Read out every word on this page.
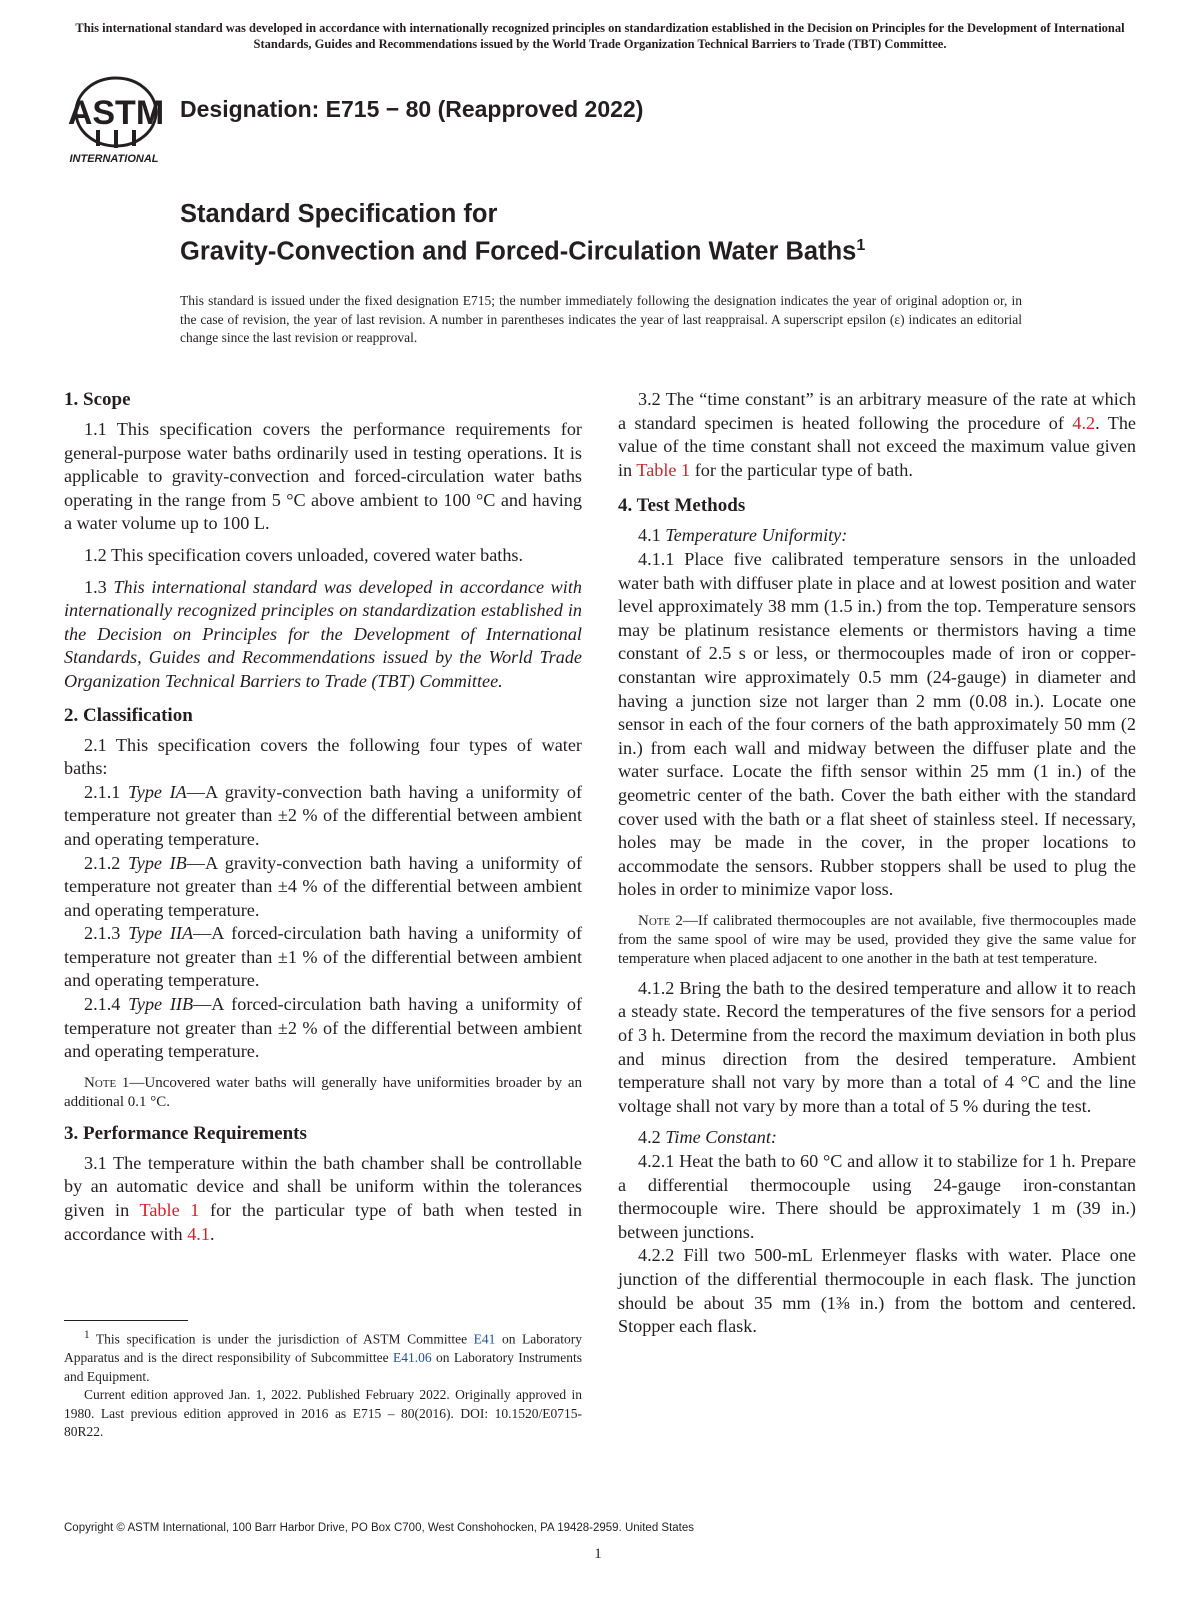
This international standard was developed in accordance with internationally recognized principles on standardization established in the Decision on Principles for the Development of International Standards, Guides and Recommendations issued by the World Trade Organization Technical Barriers to Trade (TBT) Committee.
ASTM
INTERNATIONAL
Designation: E715 − 80 (Reapproved 2022)
Standard Specification for
Gravity-Convection and Forced-Circulation Water Baths$^1$
This standard is issued under the fixed designation E715; the number immediately following the designation indicates the year of original adoption or, in the case of revision, the year of last revision. A number in parentheses indicates the year of last reappraisal. A superscript epsilon (ε) indicates an editorial change since the last revision or reapproval.
1. Scope

1.1 This specification covers the performance requirements for general-purpose water baths ordinarily used in testing operations. It is applicable to gravity-convection and forced-circulation water baths operating in the range from 5 °C above ambient to 100 °C and having a water volume up to 100 L.

1.2 This specification covers unloaded, covered water baths.

1.3 This international standard was developed in accordance with internationally recognized principles on standardization established in the Decision on Principles for the Development of International Standards, Guides and Recommendations issued by the World Trade Organization Technical Barriers to Trade (TBT) Committee.

2. Classification

2.1 This specification covers the following four types of water baths:

2.1.1 Type IA—A gravity-convection bath having a uniformity of temperature not greater than ±2 % of the differential between ambient and operating temperature.

2.1.2 Type IB—A gravity-convection bath having a uniformity of temperature not greater than ±4 % of the differential between ambient and operating temperature.

2.1.3 Type IIA—A forced-circulation bath having a uniformity of temperature not greater than ±1 % of the differential between ambient and operating temperature.

2.1.4 Type IIB—A forced-circulation bath having a uniformity of temperature not greater than ±2 % of the differential between ambient and operating temperature.

Note 1—Uncovered water baths will generally have uniformities broader by an additional 0.1 °C.

3. Performance Requirements

3.1 The temperature within the bath chamber shall be controllable by an automatic device and shall be uniform within the tolerances given in Table 1 for the particular type of bath when tested in accordance with 4.1.

3.2 The “time constant” is an arbitrary measure of the rate at which a standard specimen is heated following the procedure of 4.2. The value of the time constant shall not exceed the maximum value given in Table 1 for the particular type of bath.

4. Test Methods

4.1 Temperature Uniformity:

4.1.1 Place five calibrated temperature sensors in the unloaded water bath with diffuser plate in place and at lowest position and water level approximately 38 mm (1.5 in.) from the top. Temperature sensors may be platinum resistance elements or thermistors having a time constant of 2.5 s or less, or thermocouples made of iron or copper-constantan wire approximately 0.5 mm (24-gauge) in diameter and having a junction size not larger than 2 mm (0.08 in.). Locate one sensor in each of the four corners of the bath approximately 50 mm (2 in.) from each wall and midway between the diffuser plate and the water surface. Locate the fifth sensor within 25 mm (1 in.) of the geometric center of the bath. Cover the bath either with the standard cover used with the bath or a flat sheet of stainless steel. If necessary, holes may be made in the cover, in the proper locations to accommodate the sensors. Rubber stoppers shall be used to plug the holes in order to minimize vapor loss.

Note 2—If calibrated thermocouples are not available, five thermocouples made from the same spool of wire may be used, provided they give the same value for temperature when placed adjacent to one another in the bath at test temperature.

4.1.2 Bring the bath to the desired temperature and allow it to reach a steady state. Record the temperatures of the five sensors for a period of 3 h. Determine from the record the maximum deviation in both plus and minus direction from the desired temperature. Ambient temperature shall not vary by more than a total of 4 °C and the line voltage shall not vary by more than a total of 5 % during the test.

4.2 Time Constant:

4.2.1 Heat the bath to 60 °C and allow it to stabilize for 1 h. Prepare a differential thermocouple using 24-gauge iron-constantan thermocouple wire. There should be approximately 1 m (39 in.) between junctions.

4.2.2 Fill two 500-mL Erlenmeyer flasks with water. Place one junction of the differential thermocouple in each flask. The junction should be about 35 mm (1⅜ in.) from the bottom and centered. Stopper each flask.

$^1$ This specification is under the jurisdiction of ASTM Committee E41 on Laboratory Apparatus and is the direct responsibility of Subcommittee E41.06 on Laboratory Instruments and Equipment.

Current edition approved Jan. 1, 2022. Published February 2022. Originally approved in 1980. Last previous edition approved in 2016 as E715 – 80(2016). DOI: 10.1520/E0715-80R22.

Copyright © ASTM International, 100 Barr Harbor Drive, PO Box C700, West Conshohocken, PA 19428-2959. United States
1
